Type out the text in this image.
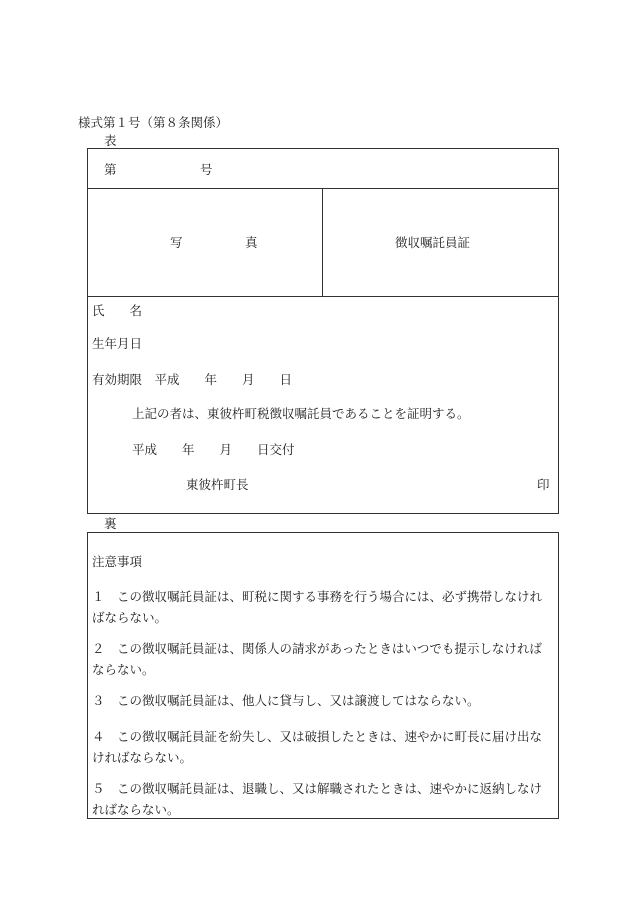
様式第１号（第８条関係）
表
第	号
写　　　　　真	徴収嘱託員証
氏　　名
生年月日
有効期限　平成　　年　　月　　日
上記の者は、東彼杵町税徴収嘱託員であることを証明する。
平成　　年　　月　　日交付
東彼杵町長	印
裏
注意事項
１　この徴収嘱託員証は、町税に関する事務を行う場合には、必ず携帯しなければならない。
２　この徴収嘱託員証は、関係人の請求があったときはいつでも提示しなければならない。
３　この徴収嘱託員証は、他人に貸与し、又は譲渡してはならない。
４　この徴収嘱託員証を紛失し、又は破損したときは、速やかに町長に届け出なければならない。
５　この徴収嘱託員証は、退職し、又は解職されたときは、速やかに返納しなければならない。
